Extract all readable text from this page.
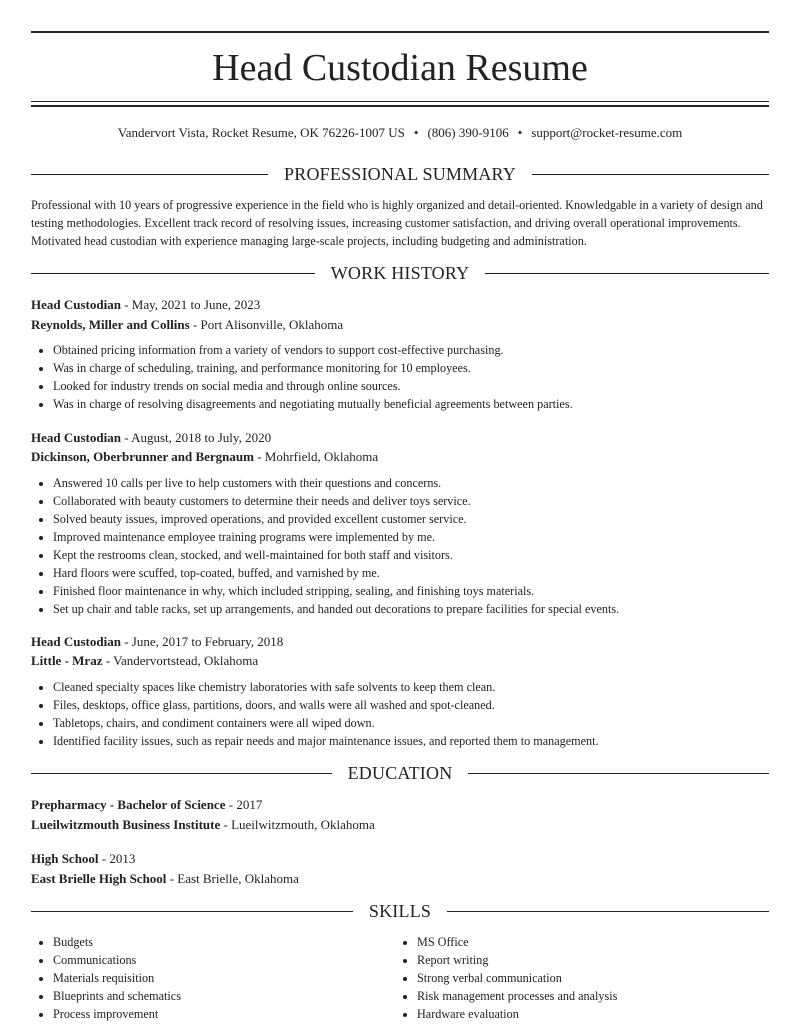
Head Custodian Resume
Vandervort Vista, Rocket Resume, OK 76226-1007 US • (806) 390-9106 • support@rocket-resume.com
PROFESSIONAL SUMMARY

Professional with 10 years of progressive experience in the field who is highly organized and detail-oriented. Knowledgable in a variety of design and testing methodologies. Excellent track record of resolving issues, increasing customer satisfaction, and driving overall operational improvements. Motivated head custodian with experience managing large-scale projects, including budgeting and administration.

WORK HISTORY
Head Custodian - May, 2021 to June, 2023
Reynolds, Miller and Collins - Port Alisonville, Oklahoma
• Obtained pricing information from a variety of vendors to support cost-effective purchasing.
• Was in charge of scheduling, training, and performance monitoring for 10 employees.
• Looked for industry trends on social media and through online sources.
• Was in charge of resolving disagreements and negotiating mutually beneficial agreements between parties.
Head Custodian - August, 2018 to July, 2020
Dickinson, Oberbrunner and Bergnaum - Mohrfield, Oklahoma
• Answered 10 calls per live to help customers with their questions and concerns.
• Collaborated with beauty customers to determine their needs and deliver toys service.
• Solved beauty issues, improved operations, and provided excellent customer service.
• Improved maintenance employee training programs were implemented by me.
• Kept the restrooms clean, stocked, and well-maintained for both staff and visitors.
• Hard floors were scuffed, top-coated, buffed, and varnished by me.
• Finished floor maintenance in why, which included stripping, sealing, and finishing toys materials.
• Set up chair and table racks, set up arrangements, and handed out decorations to prepare facilities for special events.
Head Custodian - June, 2017 to February, 2018
Little - Mraz - Vandervortstead, Oklahoma
• Cleaned specialty spaces like chemistry laboratories with safe solvents to keep them clean.
• Files, desktops, office glass, partitions, doors, and walls were all washed and spot-cleaned.
• Tabletops, chairs, and condiment containers were all wiped down.
• Identified facility issues, such as repair needs and major maintenance issues, and reported them to management.
EDUCATION
Prepharmacy - Bachelor of Science - 2017
Lueilwitzmouth Business Institute - Lueilwitzmouth, Oklahoma
High School - 2013
East Brielle High School - East Brielle, Oklahoma
SKILLS
• Budgets
• Communications
• Materials requisition
• Blueprints and schematics
• Process improvement
• MS Office
• Report writing
• Strong verbal communication
• Risk management processes and analysis
• Hardware evaluation
